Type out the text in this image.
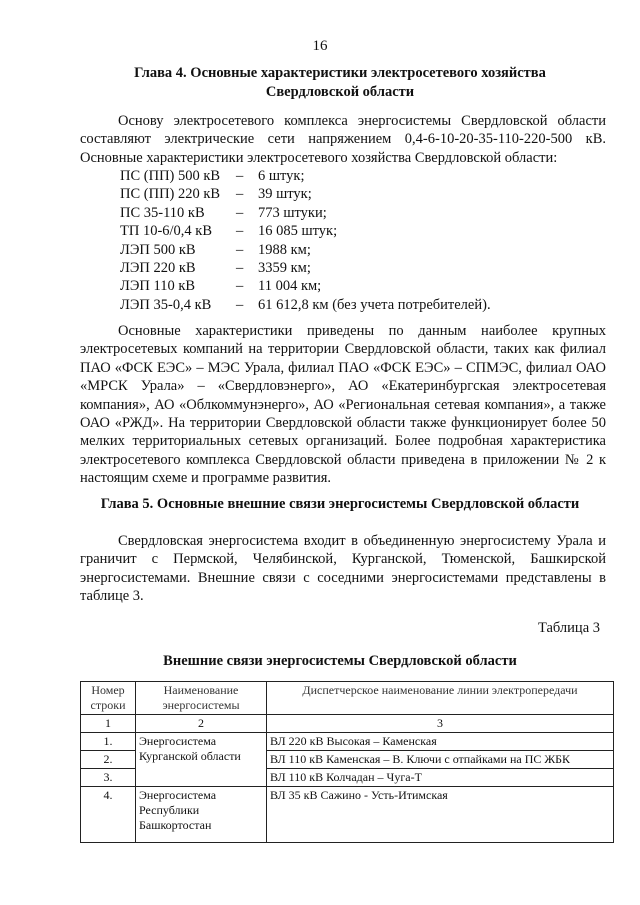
16
Глава 4. Основные характеристики электросетевого хозяйства
Свердловской области

Основу электросетевого комплекса энергосистемы Свердловской области составляют электрические сети напряжением 0,4-6-10-20-35-110-220-500 кВ. Основные характеристики электросетевого хозяйства Свердловской области:

ПС (ПП) 500 кВ	–	6 штук;
ПС (ПП) 220 кВ	–	39 штук;
ПС 35-110 кВ	–	773 штуки;
ТП 10-6/0,4 кВ	–	16 085 штук;
ЛЭП 500 кВ	–	1988 км;
ЛЭП 220 кВ	–	3359 км;
ЛЭП 110 кВ	–	11 004 км;
ЛЭП 35-0,4 кВ	–	61 612,8 км (без учета потребителей).

Основные характеристики приведены по данным наиболее крупных электросетевых компаний на территории Свердловской области, таких как филиал ПАО «ФСК ЕЭС» – МЭС Урала, филиал ПАО «ФСК ЕЭС» – СПМЭС, филиал ОАО «МРСК Урала» – «Свердловэнерго», АО «Екатеринбургская электросетевая компания», АО «Облкоммунэнерго», АО «Региональная сетевая компания», а также ОАО «РЖД». На территории Свердловской области также функционирует более 50 мелких территориальных сетевых организаций. Более подробная характеристика электросетевого комплекса Свердловской области приведена в приложении № 2 к настоящим схеме и программе развития.

Глава 5. Основные внешние связи энергосистемы Свердловской области

Свердловская энергосистема входит в объединенную энергосистему Урала и граничит с Пермской, Челябинской, Курганской, Тюменской, Башкирской энергосистемами. Внешние связи с соседними энергосистемами представлены в таблице 3.

Таблица 3
Внешние связи энергосистемы Свердловской области
Номер строки	Наименование энергосистемы	Диспетчерское наименование линии электропередачи
1	2	3
1.	Энергосистема Курганской области	ВЛ 220 кВ Высокая – Каменская
2.		ВЛ 110 кВ Каменская – В. Ключи с отпайками на ПС ЖБК
3.		ВЛ 110 кВ Колчадан – Чуга-Т
4.	Энергосистема Республики Башкортостан	ВЛ 35 кВ Сажино - Усть-Итимская
